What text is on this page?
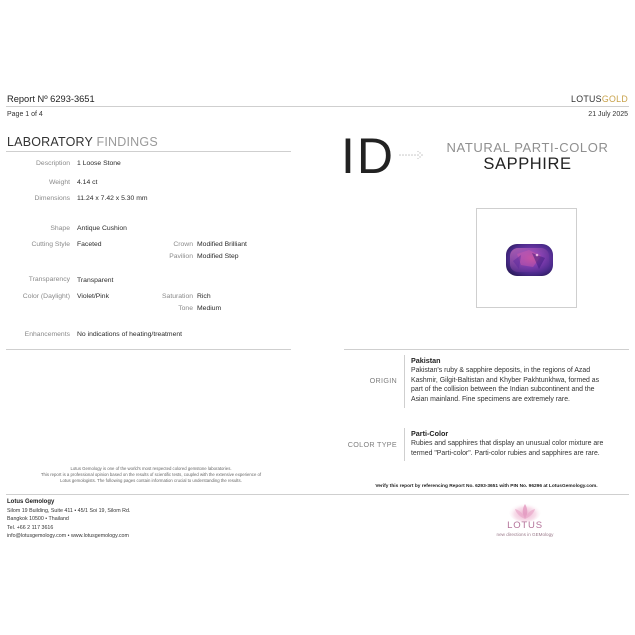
Report Nº 6293-3651
Page 1 of 4
LOTUSGOLD
21 July 2025
LABORATORY FINDINGS
Description 1 Loose Stone
Weight 4.14 ct
Dimensions 11.24 x 7.42 x 5.30 mm
Shape Antique Cushion
Cutting Style Faceted	Crown Modified Brilliant
Pavilion Modified Step
Transparency Transparent
Color (Daylight) Violet/Pink	Saturation Rich
Tone Medium
Enhancements No indications of heating/treatment
ID	NATURAL PARTI-COLOR
SAPPHIRE
ORIGIN
Pakistan
Pakistan's ruby & sapphire deposits, in the regions of Azad
Kashmir, Gilgit-Baltistan and Khyber Pakhtunkhwa, formed as
part of the collision between the Indian subcontinent and the
Asian mainland. Fine specimens are extremely rare.
COLOR TYPE
Parti-Color
Rubies and sapphires that display an unusual color mixture are
termed "Parti-color". Parti-color rubies and sapphires are rare.
Lotus Gemology is one of the world's most respected colored gemstone laboratories.
This report is a professional opinion based on the results of scientific tests, coupled with the extensive experience of
Lotus gemologists. The following pages contain information crucial to understanding the results.
Verify this report by referencing Report No. 6293-3651 with PIN No. 96296 at LotusGemology.com.
Lotus Gemology
Silom 19 Building, Suite 411 • 45/1 Soi 19, Silom Rd.
Bangkok 10500 • Thailand
Tel. +66 2 117 3616
info@lotusgemology.com • www.lotusgemology.com
LOTUS
new directions in GEMology
